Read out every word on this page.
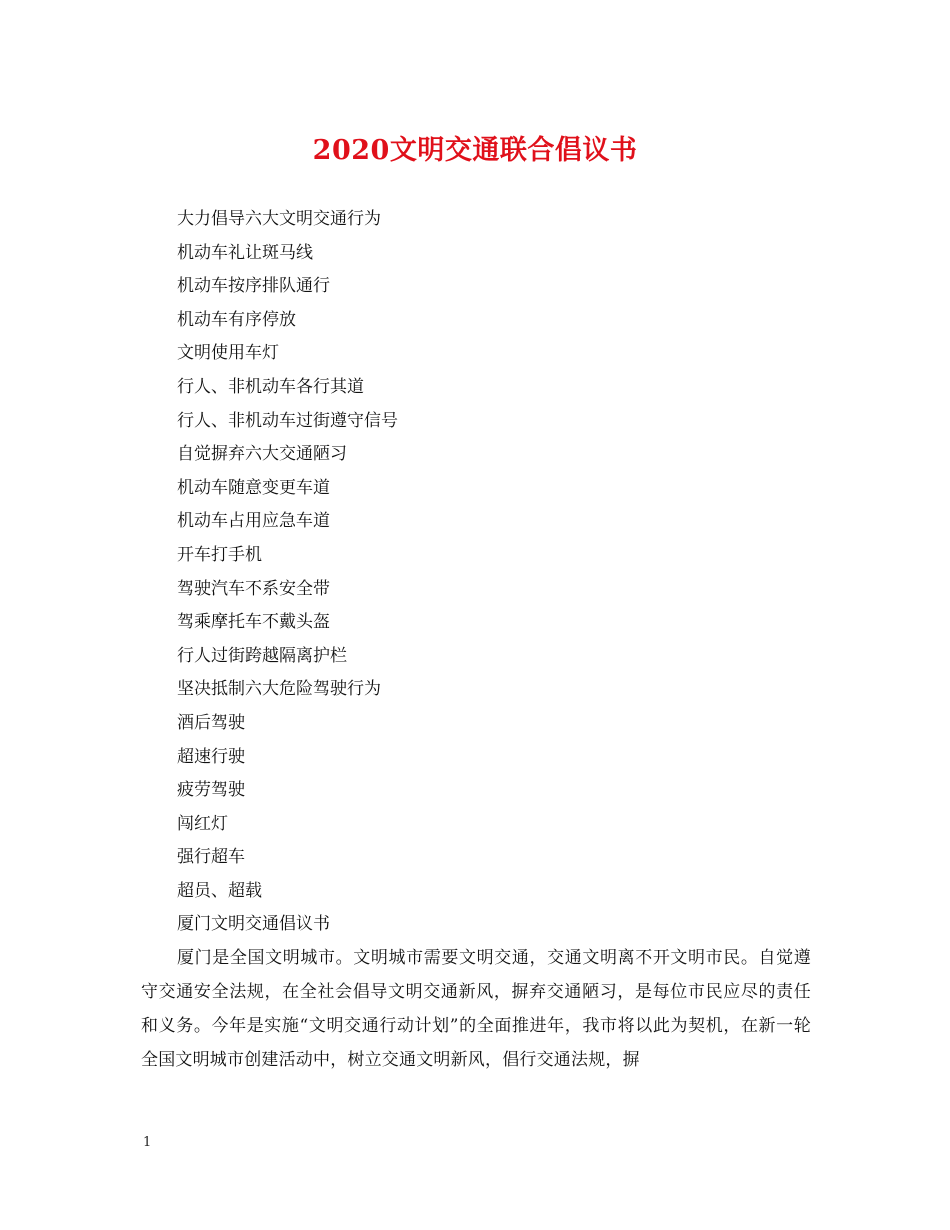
2020文明交通联合倡议书
大力倡导六大文明交通行为
机动车礼让斑马线
机动车按序排队通行
机动车有序停放
文明使用车灯
行人、非机动车各行其道
行人、非机动车过街遵守信号
自觉摒弃六大交通陋习
机动车随意变更车道
机动车占用应急车道
开车打手机
驾驶汽车不系安全带
驾乘摩托车不戴头盔
行人过街跨越隔离护栏
坚决抵制六大危险驾驶行为
酒后驾驶
超速行驶
疲劳驾驶
闯红灯
强行超车
超员、超载
厦门文明交通倡议书

厦门是全国文明城市。文明城市需要文明交通，交通文明离不开文明市民。自觉遵守交通安全法规，在全社会倡导文明交通新风，摒弃交通陋习，是每位市民应尽的责任和义务。今年是实施“文明交通行动计划”的全面推进年，我市将以此为契机，在新一轮全国文明城市创建活动中，树立交通文明新风，倡行交通法规，摒

1
